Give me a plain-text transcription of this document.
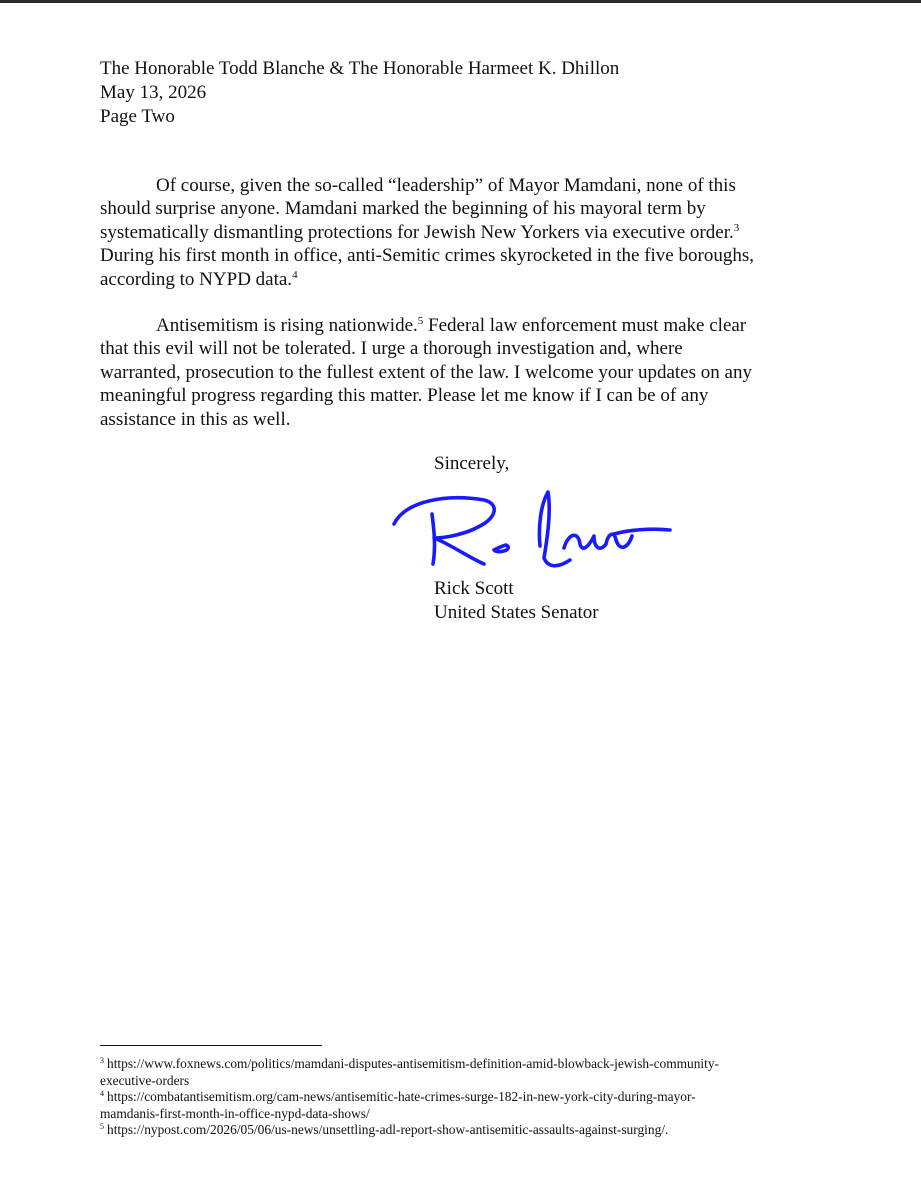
The Honorable Todd Blanche & The Honorable Harmeet K. Dhillon
May 13, 2026
Page Two
Of course, given the so-called “leadership” of Mayor Mamdani, none of this
should surprise anyone. Mamdani marked the beginning of his mayoral term by
systematically dismantling protections for Jewish New Yorkers via executive order.$^3$
During his first month in office, anti-Semitic crimes skyrocketed in the five boroughs,
according to NYPD data.$^4$
Antisemitism is rising nationwide.$^5$ Federal law enforcement must make clear
that this evil will not be tolerated. I urge a thorough investigation and, where
warranted, prosecution to the fullest extent of the law. I welcome your updates on any
meaningful progress regarding this matter. Please let me know if I can be of any
assistance in this as well.
Sincerely,
Rick Scott
United States Senator
$^3$ https://www.foxnews.com/politics/mamdani-disputes-antisemitism-definition-amid-blowback-jewish-community-
executive-orders
$^4$ https://combatantisemitism.org/cam-news/antisemitic-hate-crimes-surge-182-in-new-york-city-during-mayor-
mamdanis-first-month-in-office-nypd-data-shows/
$^5$ https://nypost.com/2026/05/06/us-news/unsettling-adl-report-show-antisemitic-assaults-against-surging/.
